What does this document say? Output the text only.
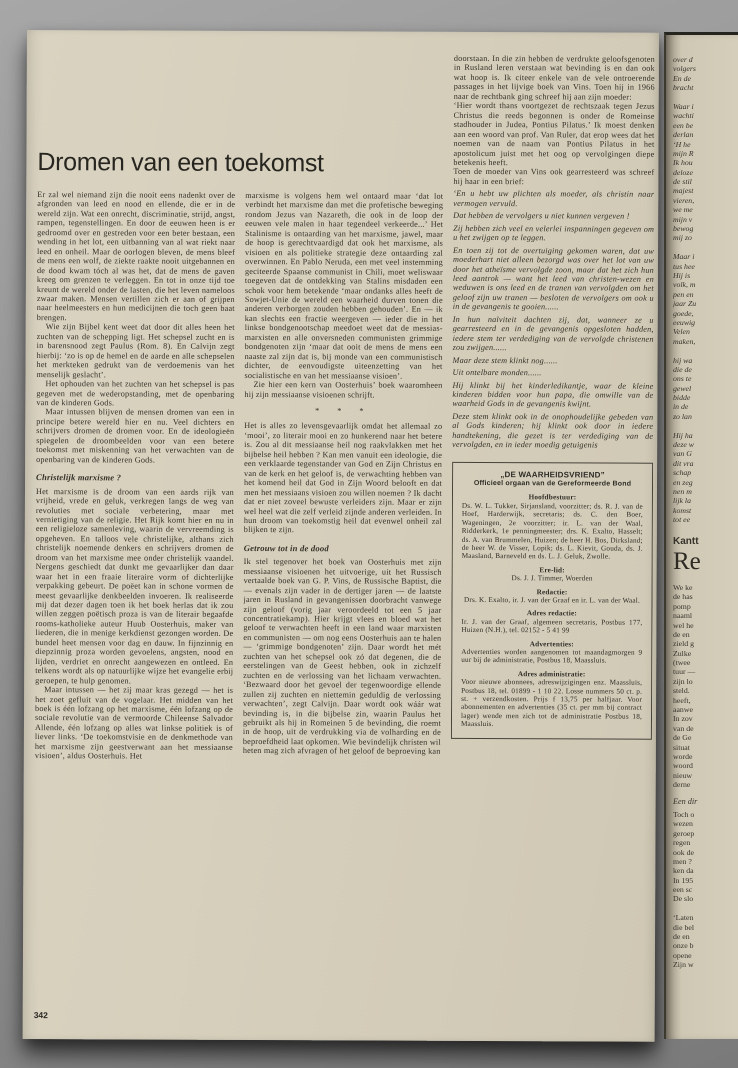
Dromen van een toekomst

Er zal wel niemand zijn die nooit eens nadenkt over de afgronden van leed en nood en ellende, die er in de wereld zijn. Wat een onrecht, discriminatie, strijd, angst, rampen, tegenstellingen. En door de eeuwen heen is er gedroomd over en gestreden voor een beter bestaan, een wending in het lot, een uitbanning van al wat riekt naar leed en onheil. Maar de oorlogen bleven, de mens bleef de mens een wolf, de ziekte raakte nooit uitgebannen en de dood kwam tóch al was het, dat de mens de gaven kreeg om grenzen te verleggen. En tot in onze tijd toe kreunt de wereld onder de lasten, die het leven nameloos zwaar maken. Mensen vertillen zich er aan of grijpen naar heelmeesters en hun medicijnen die toch geen baat brengen.

Wie zijn Bijbel kent weet dat door dit alles heen het zuchten van de schepping ligt. Het schepsel zucht en is in barensnood zegt Paulus (Rom. 8). En Calvijn zegt hierbij: ‘zo is op de hemel en de aarde en alle schepselen het merkteken gedrukt van de verdoemenis van het menselijk geslacht’.

Het ophouden van het zuchten van het schepsel is pas gegeven met de wederopstanding, met de openbaring van de kinderen Gods.

Maar intussen blijven de mensen dromen van een in principe betere wereld hier en nu. Veel dichters en schrijvers dromen de dromen voor. En de ideologieën spiegelen de droombeelden voor van een betere toekomst met miskenning van het verwachten van de openbaring van de kinderen Gods.

Christelijk marxisme ?

Het marxisme is de droom van een aards rijk van vrijheid, vrede en geluk, verkregen langs de weg van revoluties met sociale verbetering, maar met vernietiging van de religie. Het Rijk komt hier en nu in een religieloze samenleving, waarin de vervreemding is opgeheven. En talloos vele christelijke, althans zich christelijk noemende denkers en schrijvers dromen de droom van het marxisme mee onder christelijk vaandel. Nergens geschiedt dat dunkt me gevaarlijker dan daar waar het in een fraaie literaire vorm of dichterlijke verpakking gebeurt. De poëet kan in schone vormen de meest gevaarlijke denkbeelden invoeren. Ik realiseerde mij dat dezer dagen toen ik het boek herlas dat ik zou willen zeggen poëtisch proza is van de literair begaafde rooms-katholieke auteur Huub Oosterhuis, maker van liederen, die in menige kerkdienst gezongen worden. De bundel heet mensen voor dag en dauw. In fijnzinnig en diepzinnig proza worden gevoelens, angsten, nood en lijden, verdriet en onrecht aangewezen en ontleed. En telkens wordt als op natuurlijke wijze het evangelie erbij geroepen, te hulp genomen.

Maar intussen — het zij maar kras gezegd — het is het zoet gefluit van de vogelaar. Het midden van het boek is één lofzang op het marxisme, één lofzang op de sociale revolutie van de vermoorde Chileense Salvador Allende, één lofzang op alles wat linkse politiek is of liever links. ‘De toekomstvisie en de denkmethode van het marxisme zijn geestverwant aan het messiaanse visioen’, aldus Oosterhuis. Het

marxisme is volgens hem wel ontaard maar ‘dat lot verbindt het marxisme dan met die profetische beweging rondom Jezus van Nazareth, die ook in de loop der eeuwen vele malen in haar tegendeel verkeerde...’ Het Stalinisme is ontaarding van het marxisme, jawel, maar de hoop is gerechtvaardigd dat ook het marxisme, als visioen en als politieke strategie deze ontaarding zal overwinnen. En Pablo Neruda, een met veel instemming geciteerde Spaanse communist in Chili, moet weliswaar toegeven dat de ontdekking van Stalins misdaden een schok voor hem betekende ‘maar ondanks alles heeft de Sowjet-Unie de wereld een waarheid durven tonen die anderen verborgen zouden hebben gehouden’. En — ik kan slechts een fractie weergeven — ieder die in het linkse bondgenootschap meedoet weet dat de messias-marxisten en alle onversneden communisten grimmige bondgenoten zijn ‘maar dat ooit de mens de mens een naaste zal zijn dat is, bij monde van een communistisch dichter, de eenvoudigste uiteenzetting van het socialistische en van het messiaanse visioen’.

Zie hier een kern van Oosterhuis’ boek waaromheen hij zijn messiaanse visioenen schrijft.

* * *

Het is alles zo levensgevaarlijk omdat het allemaal zo ‘mooi’, zo literair mooi en zo hunkerend naar het betere is. Zou al dit messiaanse heil nog raakvlakken met het bijbelse heil hebben ? Kan men vanuit een ideologie, die een verklaarde tegenstander van God en Zijn Christus en van de kerk en het geloof is, de verwachting hebben van het komend heil dat God in Zijn Woord belooft en dat men het messiaans visioen zou willen noemen ? Ik dacht dat er niet zoveel bewuste verleiders zijn. Maar er zijn wel heel wat die zelf verleid zijnde anderen verleiden. In hun droom van toekomstig heil dat evenwel onheil zal blijken te zijn.

Getrouw tot in de dood

Ik stel tegenover het boek van Oosterhuis met zijn messiaanse visioenen het uitvoerige, uit het Russisch vertaalde boek van G. P. Vins, de Russische Baptist, die — evenals zijn vader in de dertiger jaren — de laatste jaren in Rusland in gevangenissen doorbracht vanwege zijn geloof (vorig jaar veroordeeld tot een 5 jaar concentratiekamp). Hier krijgt vlees en bloed wat het geloof te verwachten heeft in een land waar marxisten en communisten — om nog eens Oosterhuis aan te halen — ‘grimmige bondgenoten’ zijn. Daar wordt het mét zuchten van het schepsel ook zó dat degenen, die de eerstelingen van de Geest hebben, ook in zichzelf zuchten en de verlossing van het lichaam verwachten. ‘Bezwaard door het gevoel der tegenwoordige ellende zullen zij zuchten en niettemin geduldig de verlossing verwachten’, zegt Calvijn. Daar wordt ook wáár wat bevinding is, in die bijbelse zin, waarin Paulus het gebruikt als hij in Romeinen 5 de bevinding, die roemt in de hoop, uit de verdrukking via de volharding en de beproefdheid laat opkomen. Wie bevindelijk christen wil heten mag zich afvragen of het geloof de beproeving kan

doorstaan. In die zin hebben de verdrukte geloofsgenoten in Rusland leren verstaan wat bevinding is en dan ook wat hoop is. Ik citeer enkele van de vele ontroerende passages in het lijvige boek van Vins. Toen hij in 1966 naar de rechtbank ging schreef hij aan zijn moeder:

‘Hier wordt thans voortgezet de rechtszaak tegen Jezus Christus die reeds begonnen is onder de Romeinse stadhouder in Judea, Pontius Pilatus.’ Ik moest denken aan een woord van prof. Van Ruler, dat erop wees dat het noemen van de naam van Pontius Pilatus in het apostolicum juist met het oog op vervolgingen diepe betekenis heeft.

Toen de moeder van Vins ook gearresteerd was schreef hij haar in een brief:

‘En u hebt uw plichten als moeder, als christin naar vermogen vervuld.

Dat hebben de vervolgers u niet kunnen vergeven !

Zij hebben zich veel en velerlei inspanningen gegeven om u het zwijgen op te leggen.

En toen zij tot de overtuiging gekomen waren, dat uw moederhart niet alleen bezorgd was over het lot van uw door het atheïsme vervolgde zoon, maar dat het zich hun leed aantrok — want het leed van christen-wezen en weduwen is ons leed en de tranen van vervolgden om het geloof zijn uw tranen — besloten de vervolgers om ook u in de gevangenis te gooien......

In hun naïviteit dachten zij, dat, wanneer ze u gearresteerd en in de gevangenis opgesloten hadden, iedere stem ter verdediging van de vervolgde christenen zou zwijgen......

Maar deze stem klinkt nog......

Uit ontelbare monden......

Hij klinkt bij het kinderledikantje, waar de kleine kinderen bidden voor hun papa, die omwille van de waarheid Gods in de gevangenis kwijnt.

Deze stem klinkt ook in de onophoudelijke gebeden van al Gods kinderen; hij klinkt ook door in iedere handtekening, die gezet is ter verdediging van de vervolgden, en in ieder moedig getuigenis

„DE WAARHEIDSVRIEND”
Officieel orgaan van de Gereformeerde Bond
Hoofdbestuur:
Ds. W. L. Tukker, Sirjansland, voorzitter; ds. R. J. van de Hoef, Harderwijk, secretaris; ds. C. den Boer, Wageningen, 2e voorzitter; ir. L. van der Waal, Ridderkerk, 1e penningmeester; drs. K. Exalto, Hasselt; ds. A. van Brummelen, Huizen; de heer H. Bos, Dirksland; de heer W. de Visser, Lopik; ds. L. Kievit, Gouda, ds. J. Maasland, Barneveld en ds. L. J. Geluk, Zwolle.
Ere-lid:
Ds. J. J. Timmer, Woerden
Redactie:
Drs. K. Exalto, ir. J. van der Graaf en ir. L. van der Waal.
Adres redactie:
Ir. J. van der Graaf, algemeen secretaris, Postbus 177, Huizen (N.H.), tel. 02152 - 5 41 99
Advertenties:
Advertenties worden aangenomen tot maandagmorgen 9 uur bij de administratie, Postbus 18, Maassluis.
Adres administratie:
Voor nieuwe abonnees, adreswijzigingen enz. Maassluis, Postbus 18, tel. 01899 - 1 10 22. Losse nummers 50 ct. p. st. + verzendkosten. Prijs f 13,75 per halfjaar. Voor abonnementen en advertenties (35 ct. per mm bij contract lager) wende men zich tot de administratie Postbus 18, Maassluis.
342
over d
volgers
En de
bracht
Waar i
wachti
een be
derlan
‘H he
mijn R
Ik hou
deloze
de stil
majest
vieren,
we me
mijn v
bewog
mij zo
Maar i
tus hee
Hij is
volk, m
pen en
jaar Zu
goede,
eeuwig
Velen
maken,
hij wa
die de
ons te
gewel
bidde
in de
zo lan
Hij ha
deze w
van G
dit vra
schap
en zeg
nen m
lijk la
komst
tot ee
Kantt
Re
We ke
de has
pomp
naaml
wel he
de en
zield g
Zulke
(twee
tuur —
zijn lo
steld.
heeft,
aanwe
In zov
van de
de Ge
situat
worde
woord
nieuw
derne
Een dir
Toch o
wezen
geroep
regen
ook de
men ?
ken da
In 195
een sc
De slo
‘Laten
die bel
de en
onze b
opene
Zijn w
